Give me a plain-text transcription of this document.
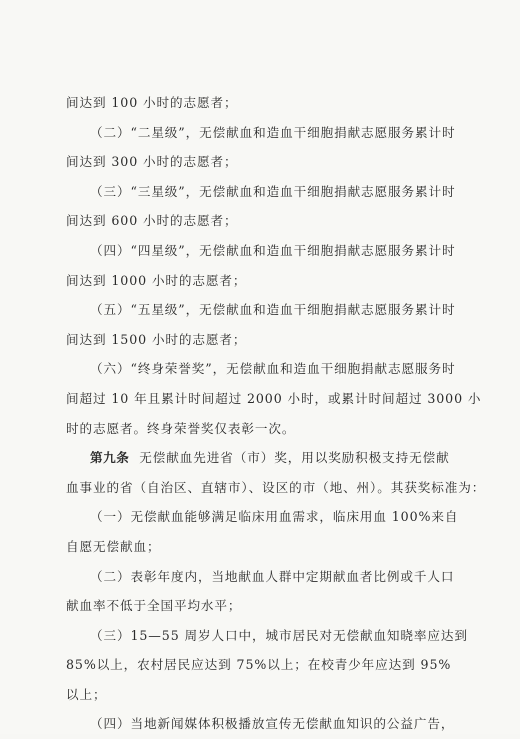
间达到 100 小时的志愿者；
（二）“二星级”，无偿献血和造血干细胞捐献志愿服务累计时
间达到 300 小时的志愿者；
（三）“三星级”，无偿献血和造血干细胞捐献志愿服务累计时
间达到 600 小时的志愿者；
（四）“四星级”，无偿献血和造血干细胞捐献志愿服务累计时
间达到 1000 小时的志愿者；
（五）“五星级”，无偿献血和造血干细胞捐献志愿服务累计时
间达到 1500 小时的志愿者；
（六）“终身荣誉奖”，无偿献血和造血干细胞捐献志愿服务时
间超过 10 年且累计时间超过 2000 小时，或累计时间超过 3000 小
时的志愿者。终身荣誉奖仅表彰一次。
第九条 无偿献血先进省（市）奖，用以奖励积极支持无偿献
血事业的省（自治区、直辖市）、设区的市（地、州）。其获奖标准为：
（一）无偿献血能够满足临床用血需求，临床用血 100%来自
自愿无偿献血；
（二）表彰年度内，当地献血人群中定期献血者比例或千人口
献血率不低于全国平均水平；
（三）15—55 周岁人口中，城市居民对无偿献血知晓率应达到
85%以上，农村居民应达到 75%以上；在校青少年应达到 95%
以上；
（四）当地新闻媒体积极播放宣传无偿献血知识的公益广告，
